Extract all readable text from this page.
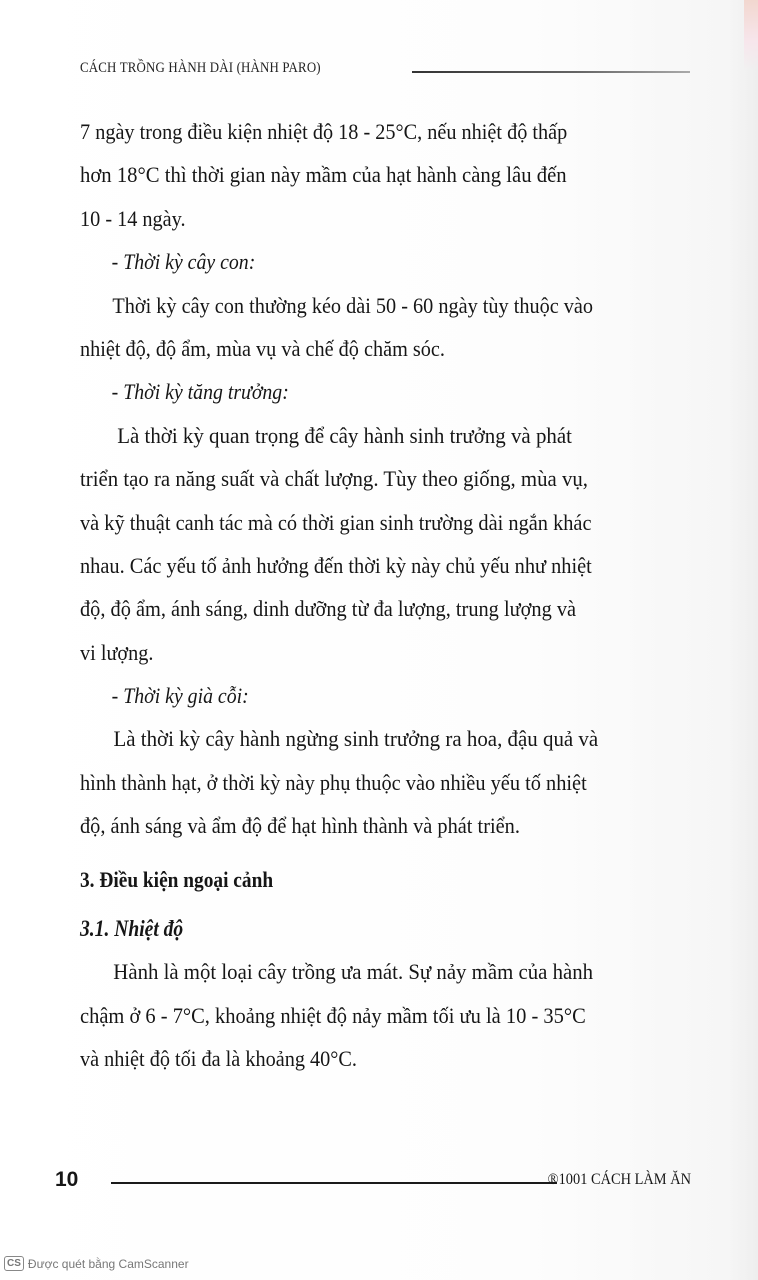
CÁCH TRỒNG HÀNH DÀI (HÀNH PARO)
7 ngày trong điều kiện nhiệt độ 18 - 25°C, nếu nhiệt độ thấp
hơn 18°C thì thời gian này mầm của hạt hành càng lâu đến
10 - 14 ngày.
- Thời kỳ cây con:
Thời kỳ cây con thường kéo dài 50 - 60 ngày tùy thuộc vào
nhiệt độ, độ ẩm, mùa vụ và chế độ chăm sóc.
- Thời kỳ tăng trưởng:
Là thời kỳ quan trọng để cây hành sinh trưởng và phát
triển tạo ra năng suất và chất lượng. Tùy theo giống, mùa vụ,
và kỹ thuật canh tác mà có thời gian sinh trường dài ngắn khác
nhau. Các yếu tố ảnh hưởng đến thời kỳ này chủ yếu như nhiệt
độ, độ ẩm, ánh sáng, dinh dưỡng từ đa lượng, trung lượng và
vi lượng.
- Thời kỳ già cỗi:
Là thời kỳ cây hành ngừng sinh trưởng ra hoa, đậu quả và
hình thành hạt, ở thời kỳ này phụ thuộc vào nhiều yếu tố nhiệt
độ, ánh sáng và ẩm độ để hạt hình thành và phát triển.
3. Điều kiện ngoại cảnh
3.1. Nhiệt độ
Hành là một loại cây trồng ưa mát. Sự nảy mầm của hành
chậm ở 6 - 7°C, khoảng nhiệt độ nảy mầm tối ưu là 10 - 35°C
và nhiệt độ tối đa là khoảng 40°C.
10	®1001 CÁCH LÀM ĂN
CS Được quét bằng CamScanner
